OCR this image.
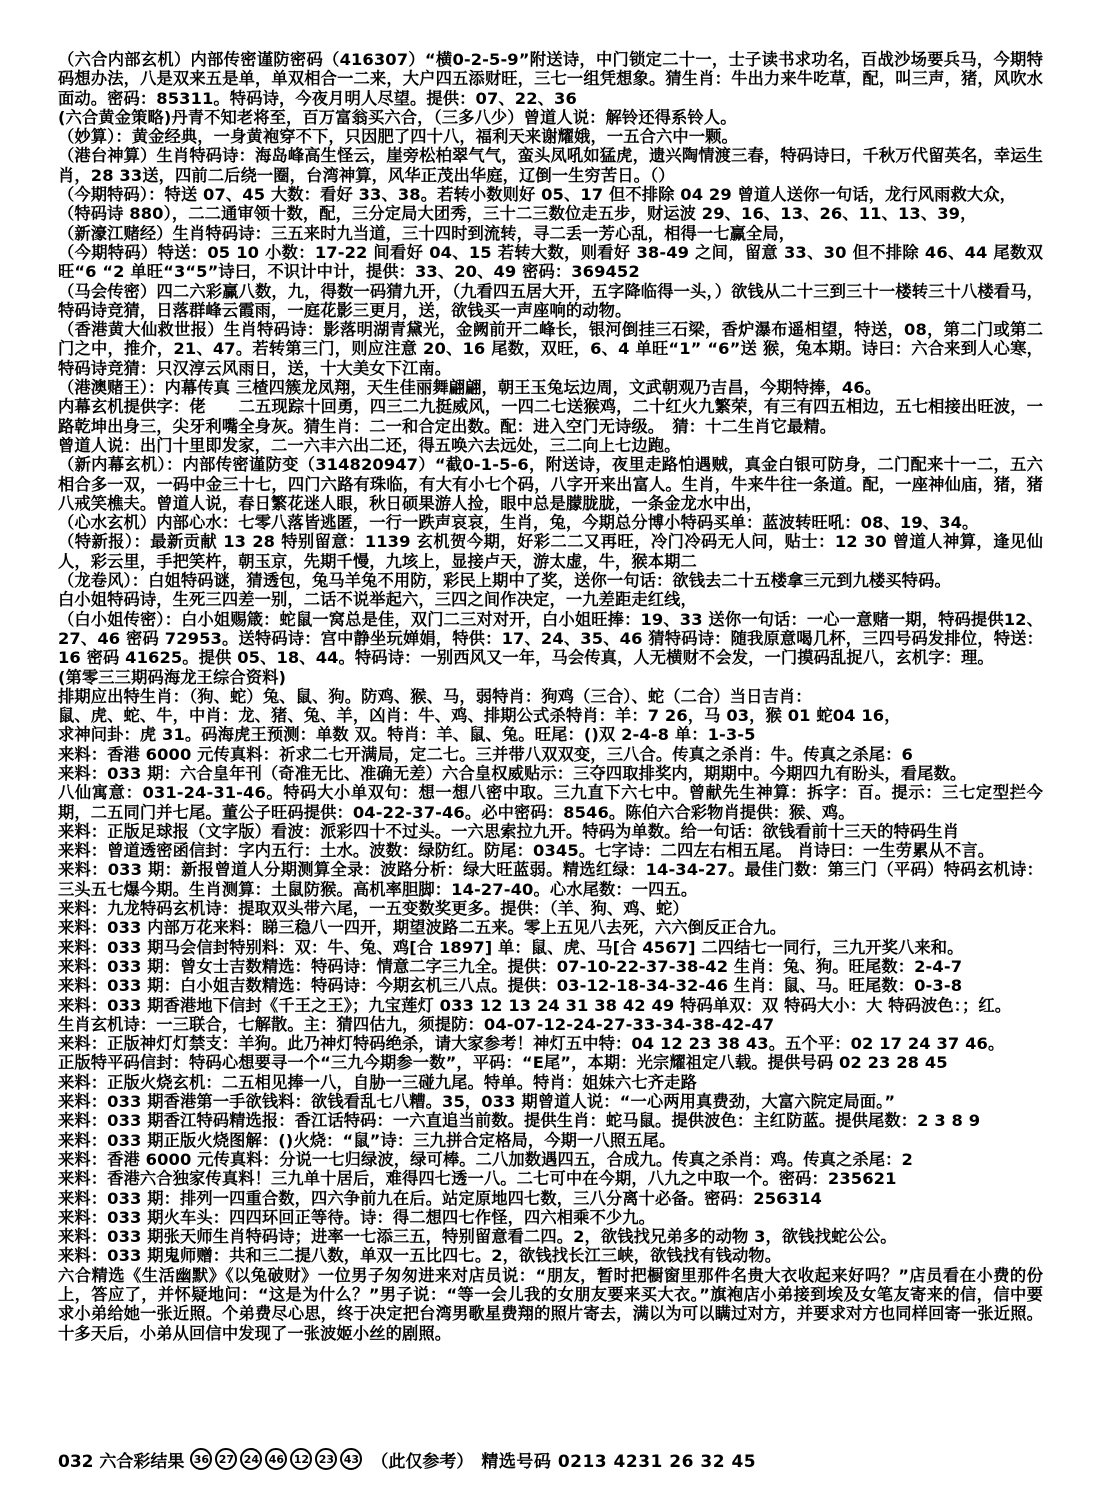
（六合内部玄机）内部传密谨防密码（416307）“横0-2-5-9”附送诗，中门锁定二十一，士子读书求功名，百战沙场要兵马，今期特码想办法，八是双来五是单，单双相合一二来，大户四五添财旺，三七一组凭想象。猜生肖：牛出力来牛吃草，配，叫三声，猪，风吹水面动。密码：85311。特码诗，今夜月明人尽望。提供：07、22、36

(六合黄金策略)丹青不知老将至，百万富翁买六合，（三多八少）曾道人说：解铃还得系铃人。

（妙算）：黄金经典，一身黄袍穿不下，只因肥了四十八，福利天来谢耀娥，一五合六中一颗。

（港台神算）生肖特码诗：海岛峰高生怪云，崖旁松柏翠气气，蛮头凤吼如猛虎，遗兴陶情渡三春，特码诗曰，千秋万代留英名，幸运生肖，28 33送，四前二后绕一圈，台湾神算，风华正茂出华庭，辽倒一生穷苦日。（）

（今期特码）：特送 07、45 大数：看好 33、38。若转小数则好 05、17 但不排除 04 29 曾道人送你一句话，龙行风雨救大众，

（特码诗 880），二二通审领十数，配，三分定局大团秀，三十二三数位走五步，财运波 29、16、13、26、11、13、39，

（新濠江赌经）生肖特码诗：三五来时九当道，三十四时到流转，寻二丢一芳心乱，相得一七赢全局，

（今期特码）特送：05 10 小数：17-22 间看好 04、15 若转大数，则看好 38-49 之间，留意 33、30 但不排除 46、44 尾数双旺“6 “2 单旺“3“5”诗曰，不识计中计，提供：33、20、49 密码：369452

（马会传密）四二六彩赢八数，九，得数一码猜九开，（九看四五居大开，五字降临得一头，）欲钱从二十三到三十一楼转三十八楼看马，特码诗竞猜，日落群峰云霞雨，一庭花影三更月，送，欲钱买一声座响的动物。

（香港黄大仙救世报）生肖特码诗：影落明湖青黛光，金阙前开二峰长，银河倒挂三石梁，香炉瀑布遥相望，特送，08，第二门或第二门之中，推介，21、47。若转第三门，则应注意 20、16 尾数，双旺，6、4 单旺“1” “6”送 猴，兔本期。诗曰：六合来到人心寒，特码诗竞猜：只汉淳云风雨日，送，十大美女下江南。

（港澳赌王）：内幕传真 三楂四簇龙凤翔，天生佳丽舞翩翩，朝王玉兔坛边周，文武朝观乃吉昌，今期特捧，46。

内幕玄机提供字：佬　　二五现踪十回勇，四三二九挺威风，一四二七送猴鸡，二十红火九繁荣，有三有四五相边，五七相接出旺波，一路乾坤出身三，尖牙利嘴全身灰。猜生肖：二一和合定出数。配：进入空门无诗级。　猜：十二生肖它最精。

曾道人说：出门十里即发家，二一六丰六出二还，得五唤六去远处，三二向上七边跑。

（新内幕玄机）：内部传密谨防变（314820947）“截0-1-5-6，附送诗，夜里走路怕遇贼，真金白银可防身，二门配来十一二，五六相合多一双，一码中金三十七，四门六路有珠临，有大有小七个码，八字开来出富人。生肖，牛来牛往一条道。配，一座神仙庙，猪，猪八戒笑樵夫。曾道人说，春日繁花迷人眼，秋日硕果游人捡，眼中总是朦胧胧，一条金龙水中出，

（心水玄机）内部心水：七零八落皆逃匿，一行一跌声哀哀，生肖，兔，今期总分博小特码买单：蓝波转旺吼：08、19、34。

（特新报）：最新贡献 13 28 特别留意：1139 玄机贺今期，好彩二二又再旺，冷门冷码无人问，贴士：12 30 曾道人神算，逢见仙人，彩云里，手把笑杵，朝玉京，先期千慢，九垓上，显接卢天，游太虚，牛，猴本期二

（龙卷风）：白姐特码谜，猜透包，兔马羊兔不用防，彩民上期中了奖，送你一句话：欲钱去二十五楼拿三元到九楼买特码。

白小姐特码诗，生死三四差一别，二话不说举起六，三四之间作决定，一九差距走红线，

（白小姐传密）：白小姐赐箴：蛇鼠一窝总是佳，双门二三对对开，白小姐旺捧：19、33 送你一句话：一心一意赌一期，特码提供12、27、46 密码 72953。送特码诗：宫中静坐玩婵娟，特供：17、24、35、46 猜特码诗：随我原意喝几杯，三四号码发排位，特送：16 密码 41625。提供 05、18、44。特码诗：一别西风又一年，马会传真，人无横财不会发，一门摸码乱捉八，玄机字：理。

(第零三三期码海龙王综合资料)

排期应出特生肖：（狗、蛇）兔、鼠、狗。防鸡、猴、马，弱特肖：狗鸡（三合）、蛇（二合）当日吉肖：

鼠、虎、蛇、牛，中肖：龙、猪、兔、羊，凶肖：牛、鸡、排期公式杀特肖：羊：7 26，马 03，猴 01 蛇04 16，

求神问卦：虎 31。码海虎王预测：单数 双。特肖：羊、鼠、兔。旺尾：()双 2-4-8 单：1-3-5

来料：香港 6000 元传真料：祈求二七开满局，定二七。三并带八双双变，三八合。传真之杀肖：牛。传真之杀尾：6

来料：033 期：六合皇年刊（奇准无比、准确无差）六合皇权威贴示：三夺四取排奖内，期期中。今期四九有盼头，看尾数。

八仙寓意：031-24-31-46。特码大小单双句：想一想八密中取。三九直下六七中。曾献先生神算：拆字：百。提示：三七定型拦今期，二五同门并七尾。董公子旺码提供：04-22-37-46。必中密码：8546。陈伯六合彩物肖提供：猴、鸡。

来料：正版足球报（文字版）看波：派彩四十不过头。一六思索拉九开。特码为单数。给一句话：欲钱看前十三天的特码生肖

来料：曾道透密函信封：字内五行：土水。波数：绿防红。防尾：0345。七字诗：二四左右相五尾。 肖诗曰：一生劳累从不言。

来料：033 期：新报曾道人分期测算全录：波路分析：绿大旺蓝弱。精选红绿：14-34-27。最佳门数：第三门（平码）特码玄机诗：三头五七爆今期。生肖测算：土鼠防猴。高机率胆脚：14-27-40。心水尾数：一四五。

来料：九龙特码玄机诗：提取双头带六尾，一五变数奖更多。提供：（羊、狗、鸡、蛇）

来料：033 内部万花来料：睇三稳八一四开，期望波路二五来。零上五见八去死，六六倒反正合九。

来料：033 期马会信封特别料：双：牛、兔、鸡[合 1897] 单：鼠、虎、马[合 4567] 二四结七一同行，三九开奖八来和。

来料：033 期：曾女士吉数精选：特码诗：情意二字三九全。提供：07-10-22-37-38-42 生肖：兔、狗。旺尾数：2-4-7

来料：033 期：白小姐吉数精选：特码诗：今期玄机三八点。提供：03-12-18-34-32-46 生肖：鼠、马。旺尾数：0-3-8

来料：033 期香港地下信封《千王之王》；九宝莲灯 033 12 13 24 31 38 42 49 特码单双：双 特码大小：大 特码波色：；红。

生肖玄机诗：一三联合，七解散。主：猜四估九，须提防：04-07-12-24-27-33-34-38-42-47

来料：正版神灯灯禁支：羊狗。此乃神灯特码绝杀，请大家参考！神灯五中特：04 12 23 38 43。五个平：02 17 24 37 46。

正版特平码信封：特码心想要寻一个“三九今期参一数”，平码：“E尾”，本期：光宗耀祖定八载。提供号码 02 23 28 45

来料：正版火烧玄机：二五相见捧一八，自胁一三碰九尾。特单。特肖：姐妹六七齐走路

来料：033 期香港第一手欲钱料：欲钱看乱七八糟。35，033 期曾道人说：“一心两用真费劲，大富六院定局面。”

来料：033 期香江特码精选报：香江话特码：一六直追当前数。提供生肖：蛇马鼠。提供波色：主红防蓝。提供尾数：2 3 8 9

来料：033 期正版火烧图解：()火烧：“鼠”诗：三九拼合定格局，今期一八照五尾。

来料：香港 6000 元传真料：分说一七归绿波，绿可棒。二八加数遇四五，合成九。传真之杀肖：鸡。传真之杀尾：2

来料：香港六合独家传真料！三九单十居后，难得四七透一八。二七可中在今期，八九之中取一个。密码：235621

来料：033 期：排列一四重合数，四六争前九在后。站定原地四七数，三八分离十必备。密码：256314

来料：033 期火车头：四四环回正等待。诗：得二想四七作怪，四六相乘不少九。

来料：033 期张天师生肖特码诗；进率一七添三五，特别留意看二四。2，欲钱找兄弟多的动物 3，欲钱找蛇公公。

来料：033 期鬼师赠：共和三二提八数，单双一五比四七。2，欲钱找长江三峡，欲钱找有钱动物。

六合精选《生活幽默》《以兔破财》一位男子匆匆进来对店员说：“朋友，暂时把橱窗里那件名贵大衣收起来好吗？”店员看在小费的份上，答应了，并怀疑地问：“这是为什么？”男子说：“等一会儿我的女朋友要来买大衣。”旗袍店小弟接到埃及女笔友寄来的信，信中要求小弟给她一张近照。个弟费尽心思，终于决定把台湾男歌星费翔的照片寄去，满以为可以瞒过对方，并要求对方也同样回寄一张近照。十多天后，小弟从回信中发现了一张波姬小丝的剧照。

032 六合彩结果 36 27 24 46 12 23 43 （此仅参考） 精选号码 0213 4231 26 32 45
